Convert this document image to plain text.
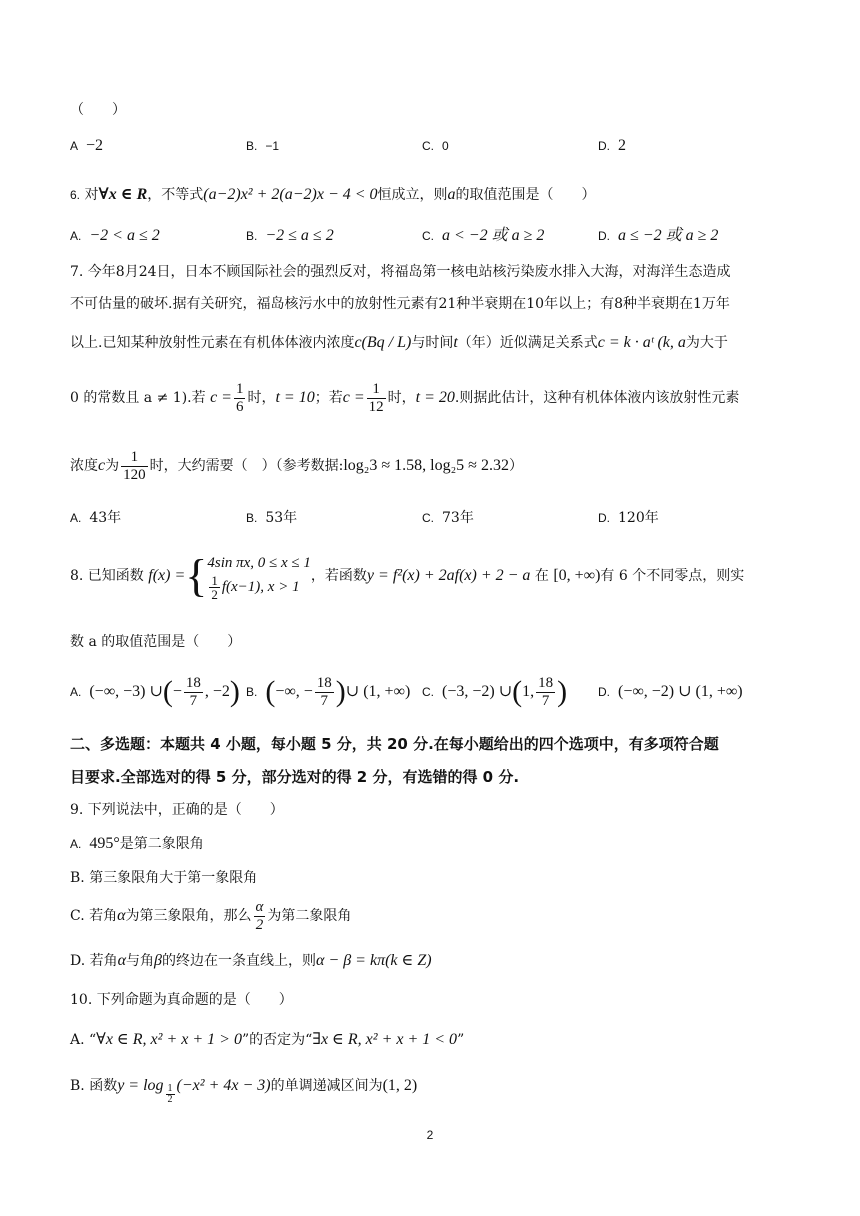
（　　）
A −2	B. −1	C. 0	D. 2
6. 对∀x ∈ R，不等式(a−2)x² + 2(a−2)x − 4 < 0恒成立，则a的取值范围是（　　）
A. −2 < a ≤ 2	B. −2 ≤ a ≤ 2	C. a < −2 或 a ≥ 2	D. a ≤ −2 或 a ≥ 2
7. 今年8月24日，日本不顾国际社会的强烈反对，将福岛第一核电站核污染废水排入大海，对海洋生态造成
不可估量的破坏.据有关研究，福岛核污水中的放射性元素有21种半衰期在10年以上；有8种半衰期在1万年
以上.已知某种放射性元素在有机体体液内浓度c(Bq / L)与时间t（年）近似满足关系式c = k · aᵗ (k, a为大于
0 的常数且 a ≠ 1).若 $c = \frac{1}{6}$ 时，t = 10；若$c = \frac{1}{12}$ 时，t = 20.则据此估计，这种有机体体液内该放射性元素
浓度c为 $\frac{1}{120}$ 时，大约需要（　）（参考数据:log₂3 ≈ 1.58, log₂5 ≈ 2.32）
A. 43年	B. 53年	C. 73年	D. 120年
8. 已知函数 f(x) ={ 4sin πx, 0 ≤ x ≤ 1
$\frac{1}{2} f(x-1)$, x > 1
，若函数y = f²(x) + 2af(x) + 2 − a 在 [0, +∞)有 6 个不同零点，则实
数 a 的取值范围是（　　）
A. (−∞, −3) ∪(− $\frac{18}{7}$ , −2) B. (−∞, − $\frac{18}{7}$ )∪ (1, +∞) C. (−3, −2) ∪(1, $\frac{18}{7}$ )	D. (−∞, −2) ∪ (1, +∞)
二、多选题：本题共 4 小题，每小题 5 分，共 20 分.在每小题给出的四个选项中，有多项符合题
目要求.全部选对的得 5 分，部分选对的得 2 分，有选错的得 0 分.
9. 下列说法中，正确的是（　　）
A. 495°是第二象限角
B. 第三象限角大于第一象限角
C. 若角α为第三象限角，那么 $\frac{\alpha}{2}$ 为第二象限角
D. 若角α与角β的终边在一条直线上，则α − β = kπ(k ∈ Z)
10. 下列命题为真命题的是（　　）
A. “∀x ∈ R, x² + x + 1 > 0”的否定为“∃x ∈ R, x² + x + 1 < 0”
B. 函数$y = \log \frac{1}{2} (-x^2 + 4x - 3)$的单调递减区间为(1, 2)
2
